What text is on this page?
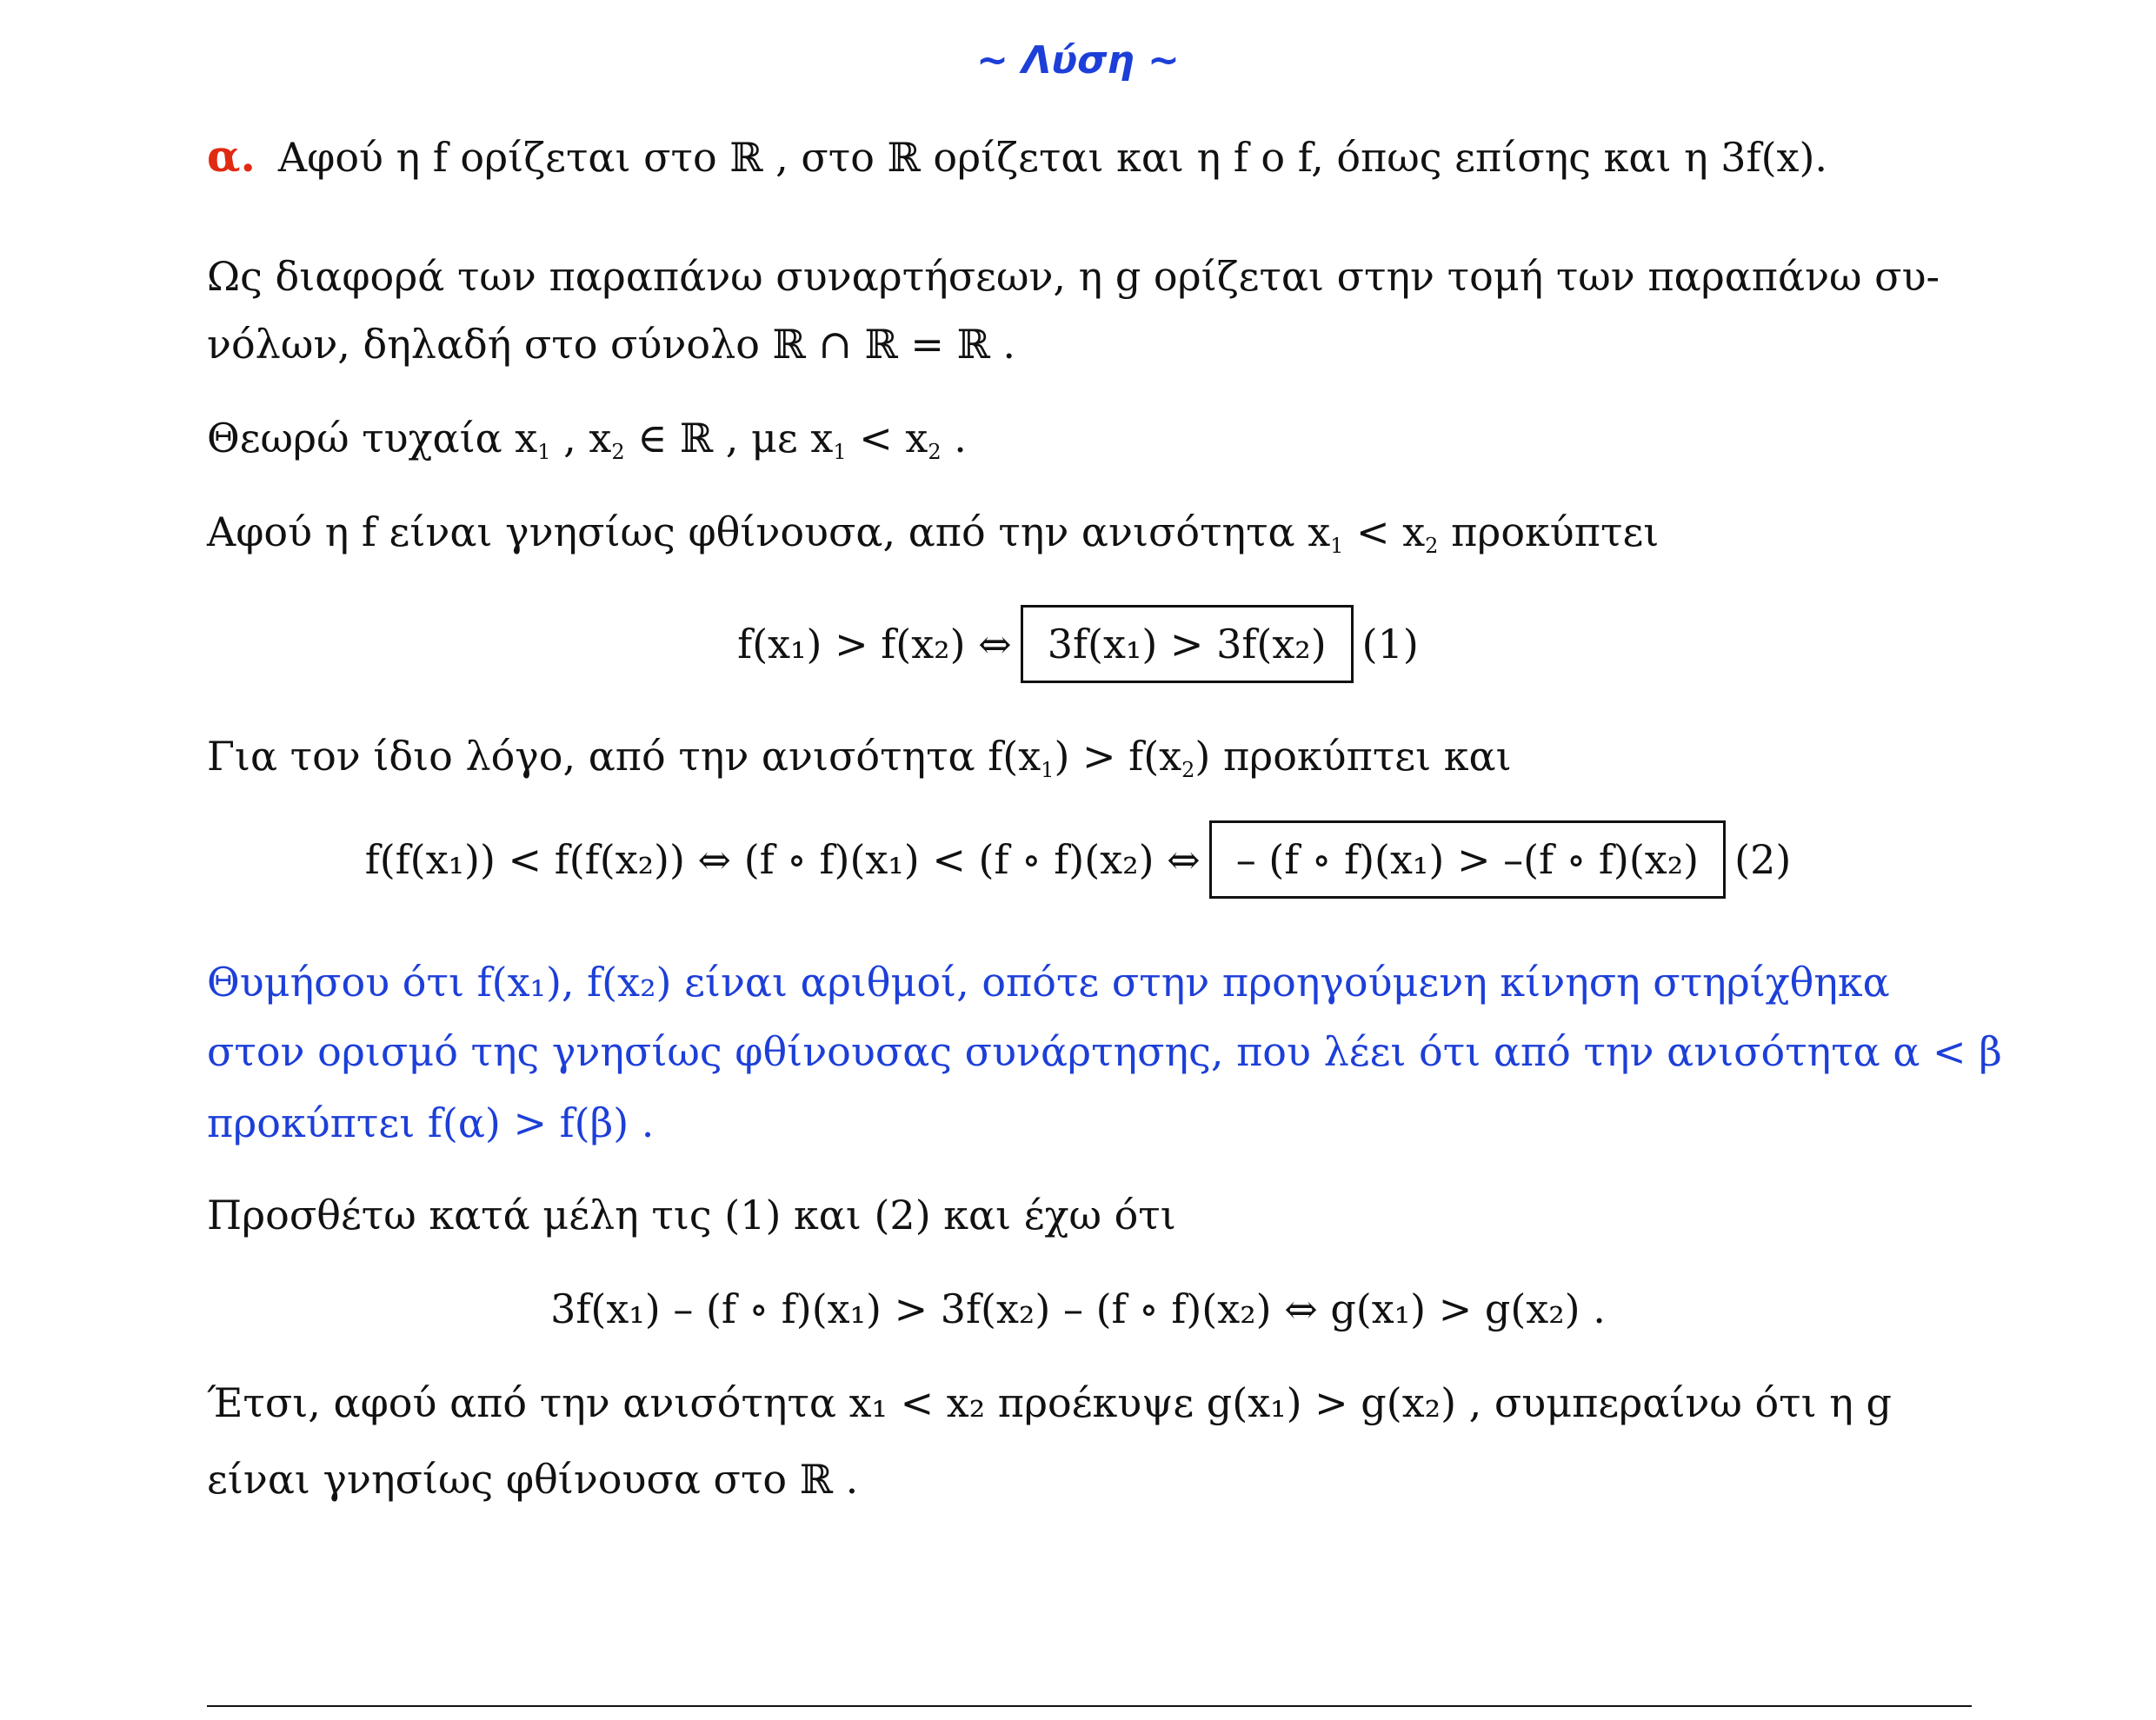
~ Λύση ~
α. Αφού η f ορίζεται στο ℝ , στο ℝ ορίζεται και η f ο f, όπως επίσης και η 3f(x).
Ως διαφορά των παραπάνω συναρτήσεων, η g ορίζεται στην τομή των παραπάνω συ-
νόλων, δηλαδή στο σύνολο ℝ ∩ ℝ = ℝ .
Θεωρώ τυχαία $x_1$ , $x_2$ ∈ ℝ , με $x_1 < x_2$ .
Αφού η f είναι γνησίως φθίνουσα, από την ανισότητα $x_1 < x_2$ προκύπτει
f(x₁) > f(x₂) ⇔ 3f(x₁) > 3f(x₂) (1)
Για τον ίδιο λόγο, από την ανισότητα $f(x_1) > f(x_2)$ προκύπτει και
f(f(x₁)) < f(f(x₂)) ⇔ (f ∘ f)(x₁) < (f ∘ f)(x₂) ⇔ – (f ∘ f)(x₁) > –(f ∘ f)(x₂) (2)
Θυμήσου ότι f(x₁), f(x₂) είναι αριθμοί, οπότε στην προηγούμενη κίνηση στηρίχθηκα
στον ορισμό της γνησίως φθίνουσας συνάρτησης, που λέει ότι από την ανισότητα α < β
προκύπτει f(α) > f(β) .
Προσθέτω κατά μέλη τις (1) και (2) και έχω ότι
3f(x₁) – (f ∘ f)(x₁) > 3f(x₂) – (f ∘ f)(x₂) ⇔ g(x₁) > g(x₂) .
Έτσι, αφού από την ανισότητα x₁ < x₂ προέκυψε g(x₁) > g(x₂) , συμπεραίνω ότι η g
είναι γνησίως φθίνουσα στο ℝ .
